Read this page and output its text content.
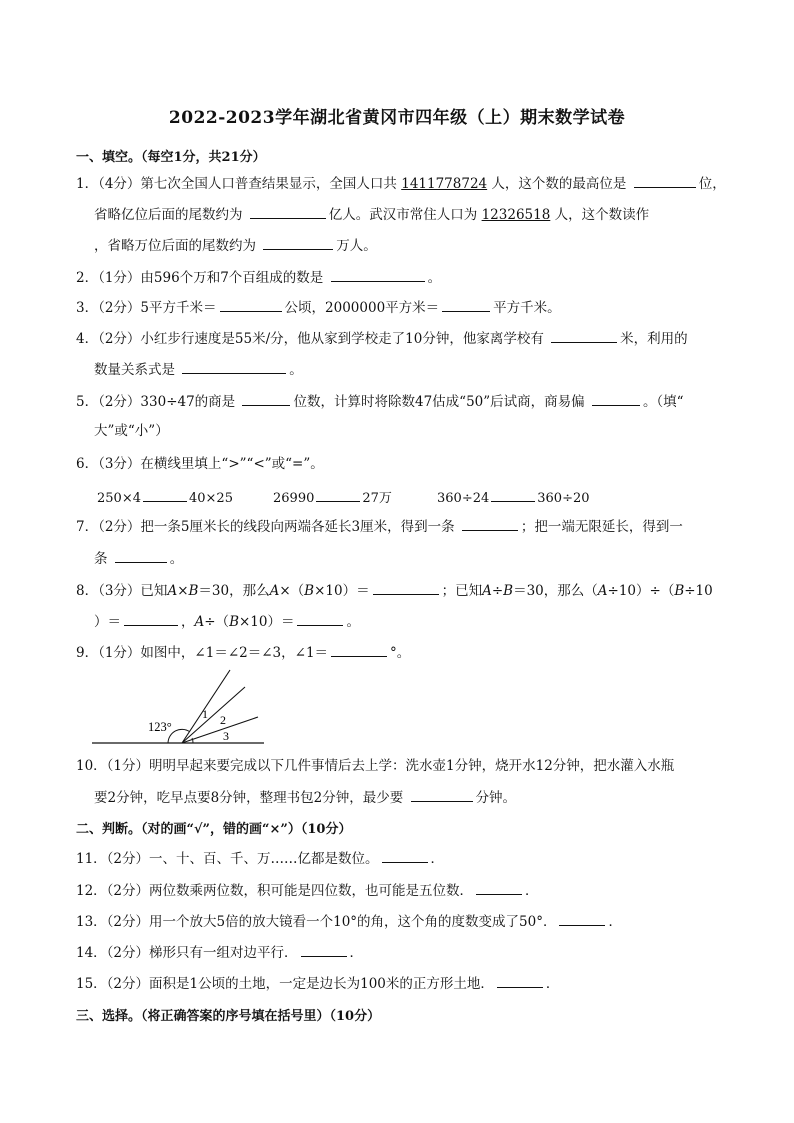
2022-2023学年湖北省黄冈市四年级（上）期末数学试卷
一、填空。（每空1分，共21分）
1．（4分）第七次全国人口普查结果显示，全国人口共 1411778724 人，这个数的最高位是	位，
省略亿位后面的尾数约为	亿人。武汉市常住人口为 12326518 人，这个数读作
，省略万位后面的尾数约为	万人。
2．（1分）由596个万和7个百组成的数是	。
3．（2分）5平方千米＝	公顷，2000000平方米＝	平方千米。
4．（2分）小红步行速度是55米/分，他从家到学校走了10分钟，他家离学校有	米，利用的
数量关系式是	。
5．（2分）330÷47的商是	位数，计算时将除数47估成“50”后试商，商易偏	。（填“
大”或“小”）
6．（3分）在横线里填上“>”“<”或“=”。
250×4	40×25	26990	27万	360÷24	360÷20
7．（2分）把一条5厘米长的线段向两端各延长3厘米，得到一条	；把一端无限延长，得到一
条	。
8．（3分）已知A×B＝30，那么A×（B×10）＝	；已知A÷B＝30，那么（A÷10）÷（B÷10
）＝	，A÷（B×10）＝	。
9．（1分）如图中，∠1＝∠2＝∠3，∠1＝	°。
123°
1 2
3
10．（1分）明明早起来要完成以下几件事情后去上学：洗水壶1分钟，烧开水12分钟，把水灌入水瓶
要2分钟，吃早点要8分钟，整理书包2分钟，最少要	分钟。
二、判断。（对的画“√”，错的画“×”）（10分）
11．（2分）一、十、百、千、万……亿都是数位。	．
12．（2分）两位数乘两位数，积可能是四位数，也可能是五位数．	．
13．（2分）用一个放大5倍的放大镜看一个10°的角，这个角的度数变成了50°．	．
14．（2分）梯形只有一组对边平行．	．
15．（2分）面积是1公顷的土地，一定是边长为100米的正方形土地．	．
三、选择。（将正确答案的序号填在括号里）（10分）
